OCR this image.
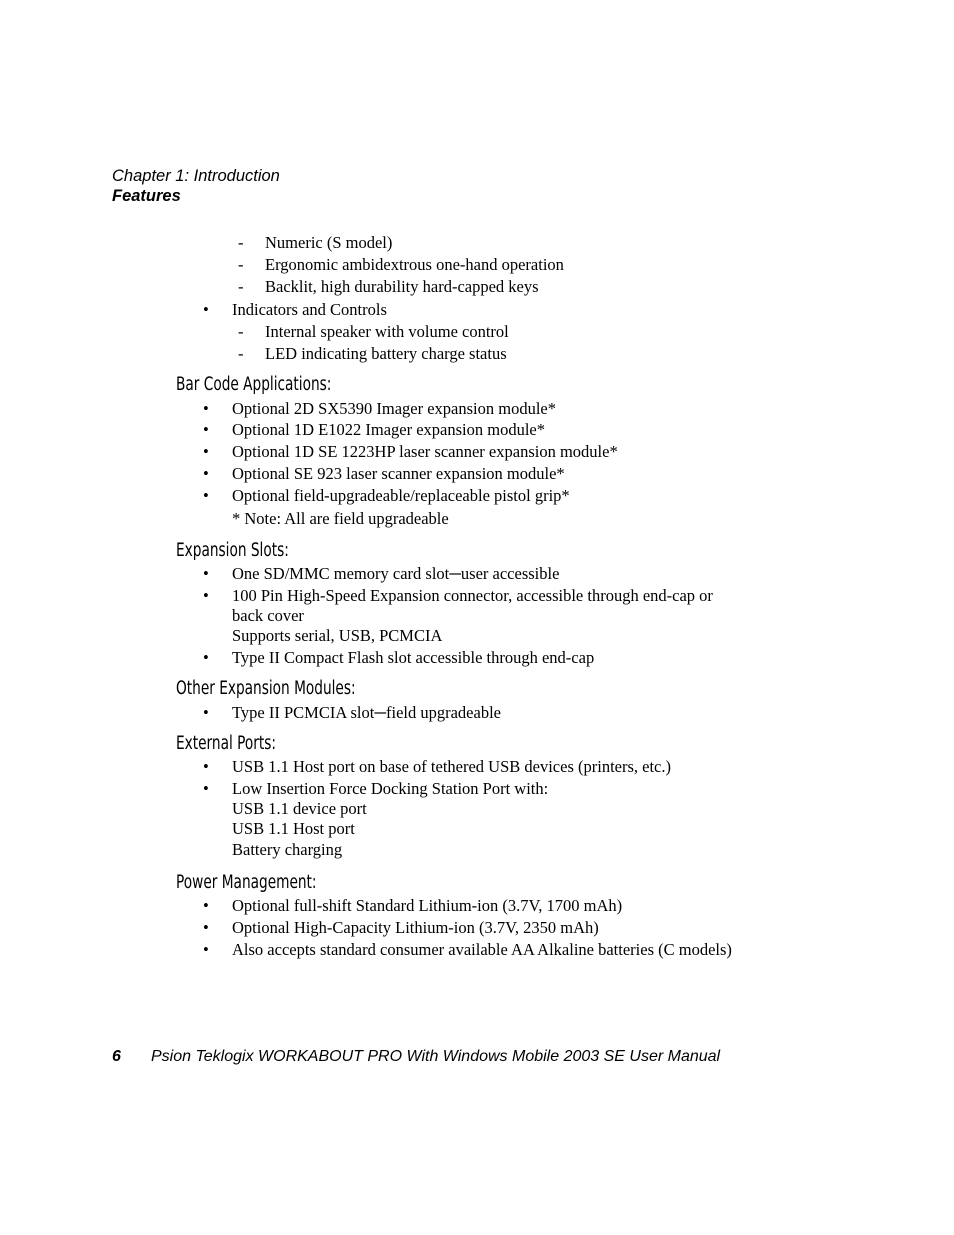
Chapter 1: Introduction
Features
- Numeric (S model)
- Ergonomic ambidextrous one-hand operation
- Backlit, high durability hard-capped keys
• Indicators and Controls
- Internal speaker with volume control
- LED indicating battery charge status
Bar Code Applications:
• Optional 2D SX5390 Imager expansion module*
• Optional 1D E1022 Imager expansion module*
• Optional 1D SE 1223HP laser scanner expansion module*
• Optional SE 923 laser scanner expansion module*
• Optional field-upgradeable/replaceable pistol grip*
* Note: All are field upgradeable
Expansion Slots:
• One SD/MMC memory card slot─user accessible
• 100 Pin High-Speed Expansion connector, accessible through end-cap or
back cover
Supports serial, USB, PCMCIA
• Type II Compact Flash slot accessible through end-cap
Other Expansion Modules:
• Type II PCMCIA slot─field upgradeable
External Ports:
• USB 1.1 Host port on base of tethered USB devices (printers, etc.)
• Low Insertion Force Docking Station Port with:
USB 1.1 device port
USB 1.1 Host port
Battery charging
Power Management:
• Optional full-shift Standard Lithium-ion (3.7V, 1700 mAh)
• Optional High-Capacity Lithium-ion (3.7V, 2350 mAh)
• Also accepts standard consumer available AA Alkaline batteries (C models)
6 Psion Teklogix WORKABOUT PRO With Windows Mobile 2003 SE User Manual
